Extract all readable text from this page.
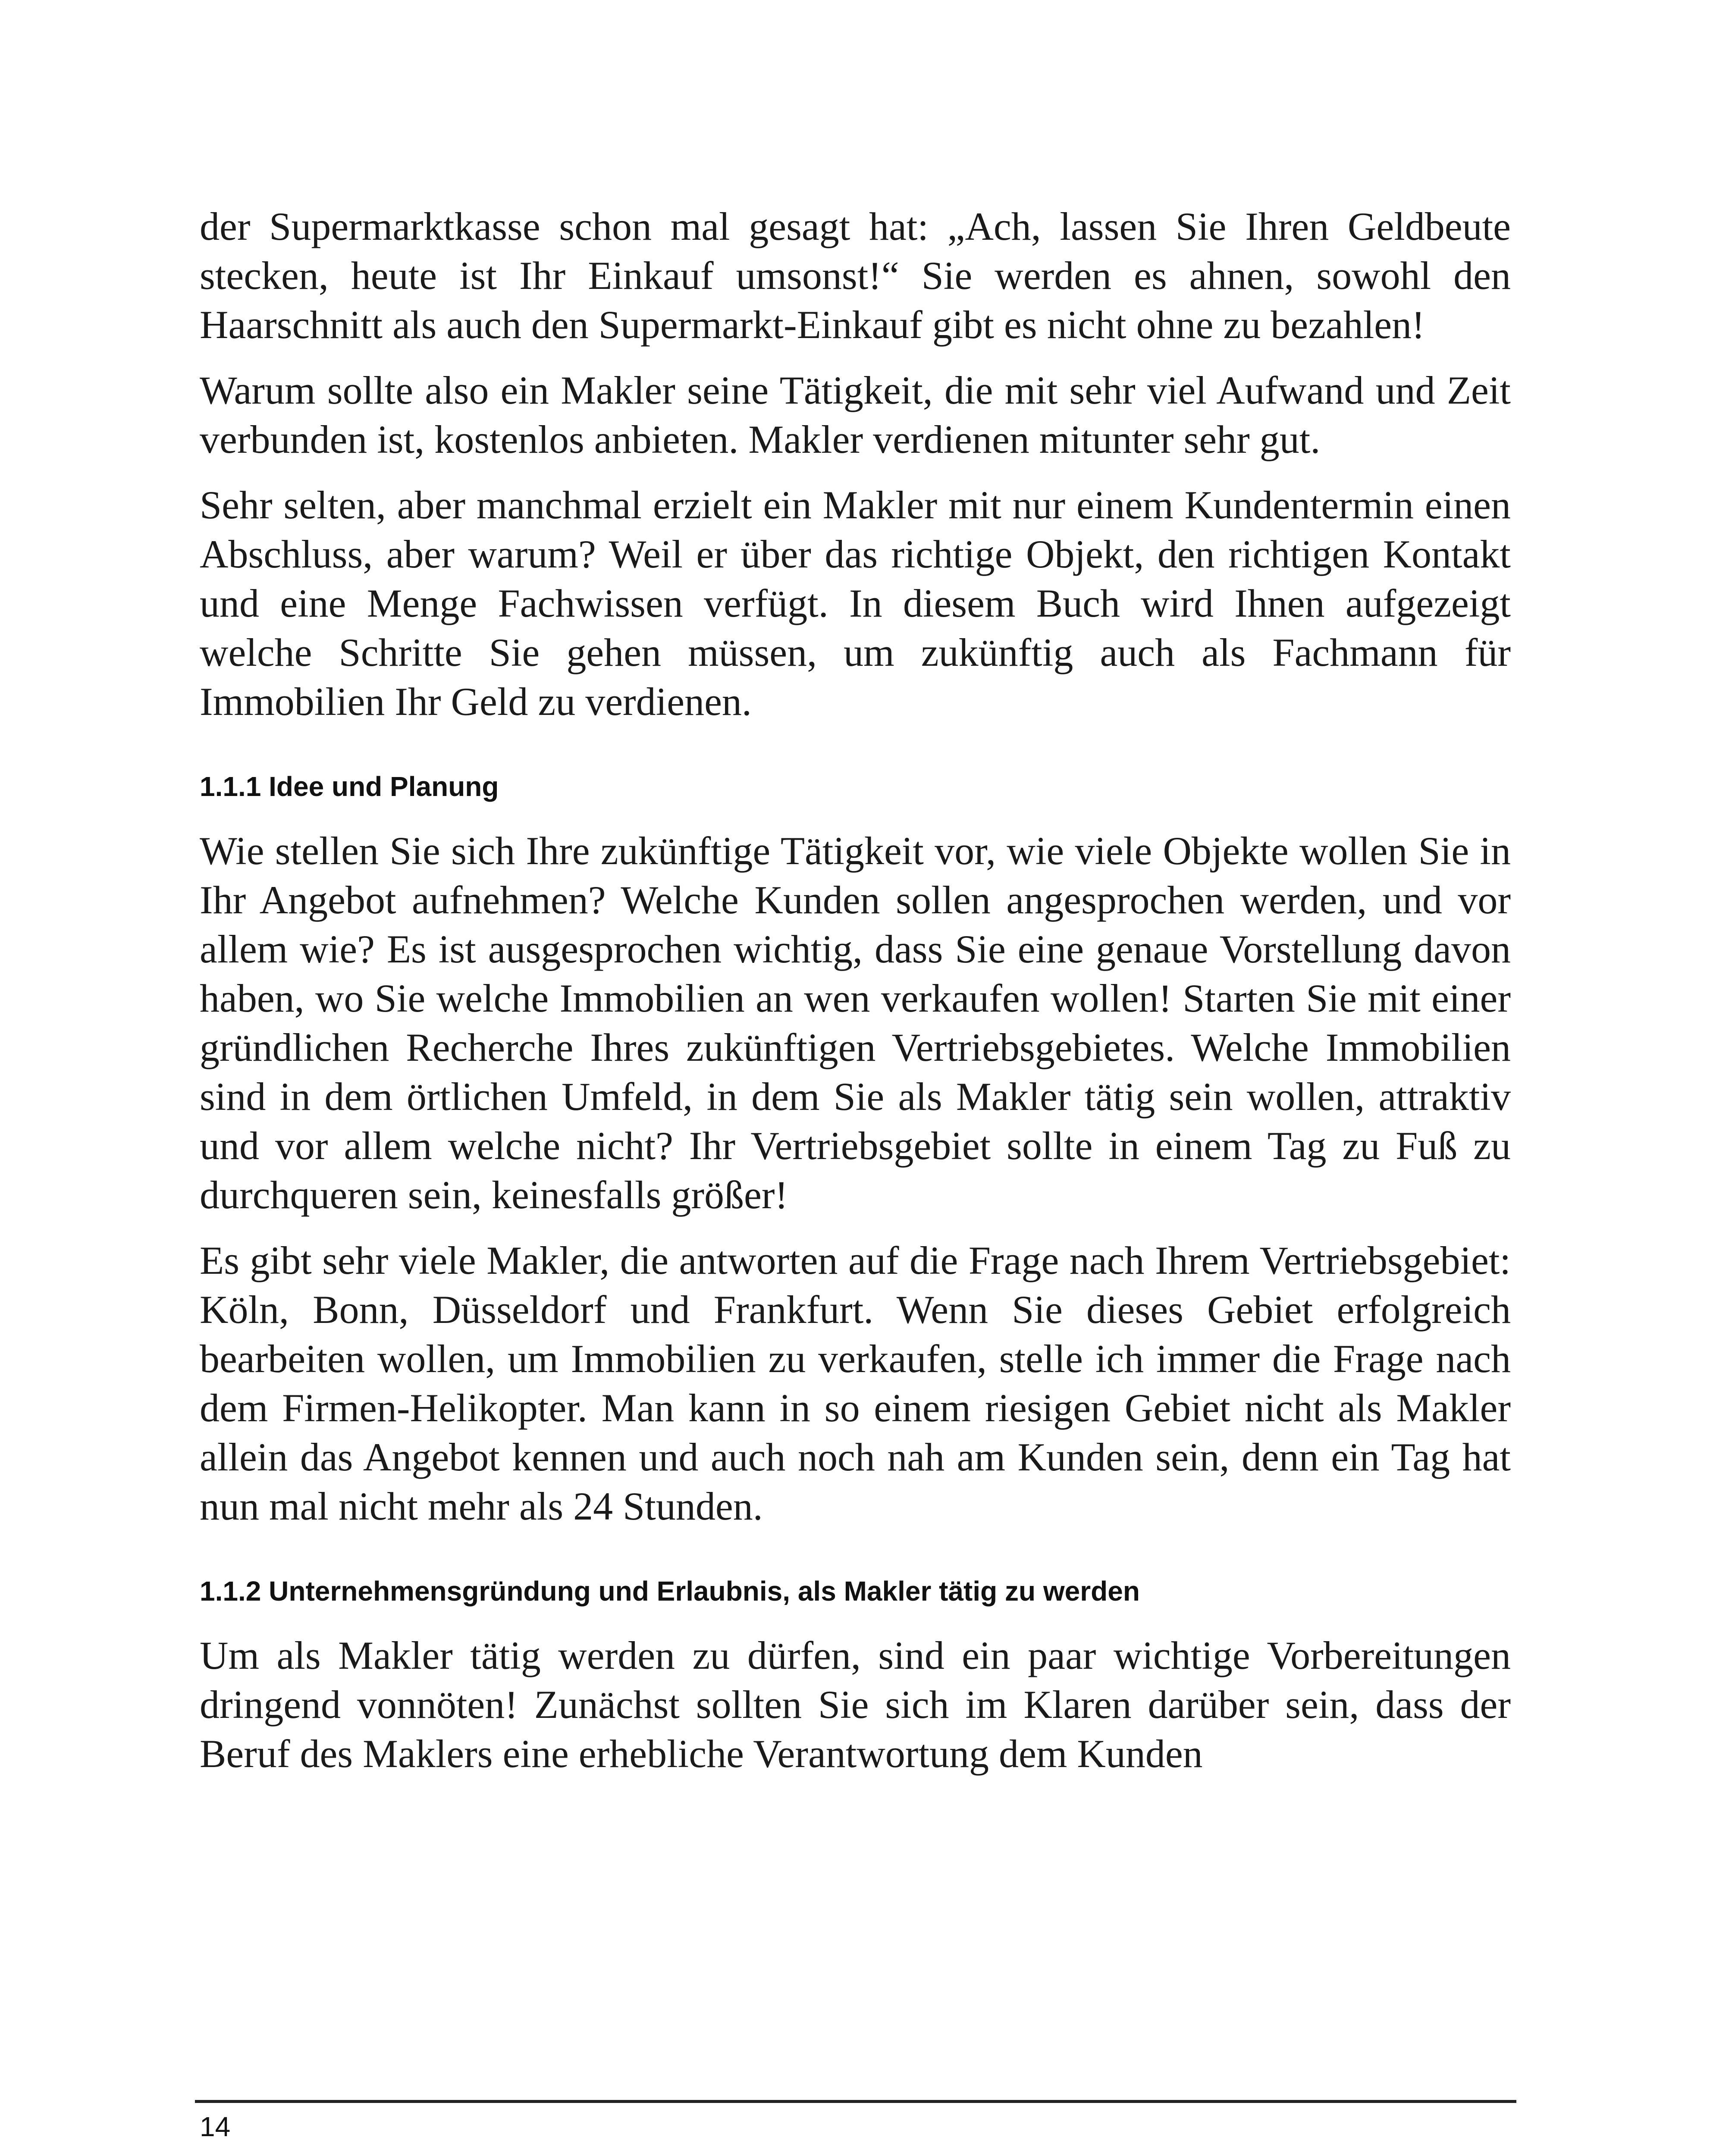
der Supermarktkasse schon mal gesagt hat: „Ach, lassen Sie Ihren Geldbeute stecken, heute ist Ihr Einkauf umsonst!“ Sie werden es ahnen, sowohl den Haarschnitt als auch den Supermarkt-Einkauf gibt es nicht ohne zu bezahlen!

Warum sollte also ein Makler seine Tätigkeit, die mit sehr viel Aufwand und Zeit verbunden ist, kostenlos anbieten. Makler verdienen mitunter sehr gut.

Sehr selten, aber manchmal erzielt ein Makler mit nur einem Kundentermin einen Abschluss, aber warum? Weil er über das richtige Objekt, den richtigen Kontakt und eine Menge Fachwissen verfügt. In diesem Buch wird Ihnen aufgezeigt welche Schritte Sie gehen müssen, um zukünftig auch als Fachmann für Immobilien Ihr Geld zu verdienen.

1.1.1 Idee und Planung

Wie stellen Sie sich Ihre zukünftige Tätigkeit vor, wie viele Objekte wollen Sie in Ihr Angebot aufnehmen? Welche Kunden sollen angesprochen werden, und vor allem wie? Es ist ausgesprochen wichtig, dass Sie eine genaue Vorstellung davon haben, wo Sie welche Immobilien an wen verkaufen wollen! Starten Sie mit einer gründlichen Recherche Ihres zukünftigen Vertriebsgebietes. Welche Immobilien sind in dem örtlichen Umfeld, in dem Sie als Makler tätig sein wollen, attraktiv und vor allem welche nicht? Ihr Vertriebsgebiet sollte in einem Tag zu Fuß zu durchqueren sein, keinesfalls größer!

Es gibt sehr viele Makler, die antworten auf die Frage nach Ihrem Vertriebsgebiet: Köln, Bonn, Düsseldorf und Frankfurt. Wenn Sie dieses Gebiet erfolgreich bearbeiten wollen, um Immobilien zu verkaufen, stelle ich immer die Frage nach dem Firmen-Helikopter. Man kann in so einem riesigen Gebiet nicht als Makler allein das Angebot kennen und auch noch nah am Kunden sein, denn ein Tag hat nun mal nicht mehr als 24 Stunden.

1.1.2 Unternehmensgründung und Erlaubnis, als Makler tätig zu werden

Um als Makler tätig werden zu dürfen, sind ein paar wichtige Vorbereitungen dringend vonnöten! Zunächst sollten Sie sich im Klaren darüber sein, dass der Beruf des Maklers eine erhebliche Verantwortung dem Kunden

14
